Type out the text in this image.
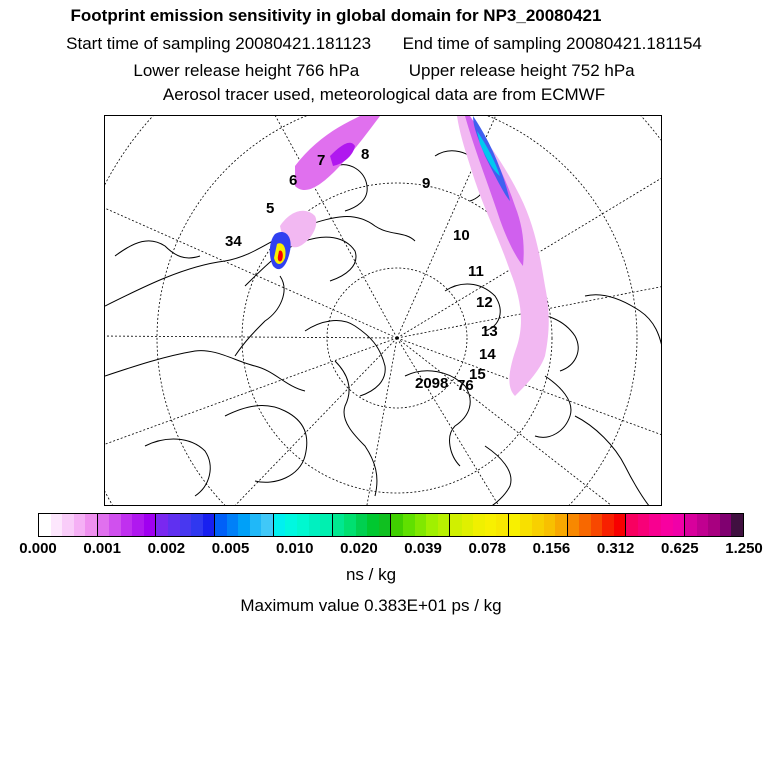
Footprint emission sensitivity in global domain for NP3_20080421
Start time of sampling 20080421.181123 End time of sampling 20080421.181154
Lower release height 766 hPa	Upper release height 752 hPa
Aerosol tracer used, meteorological data are from ECMWF
8
7
6	9
5
34	10
11
12
13
14
15
2098 76
0.000 0.001 0.002 0.005 0.010 0.020 0.039 0.078 0.156 0.312 0.625 1.250
ns / kg
Maximum value 0.383E+01 ps / kg
